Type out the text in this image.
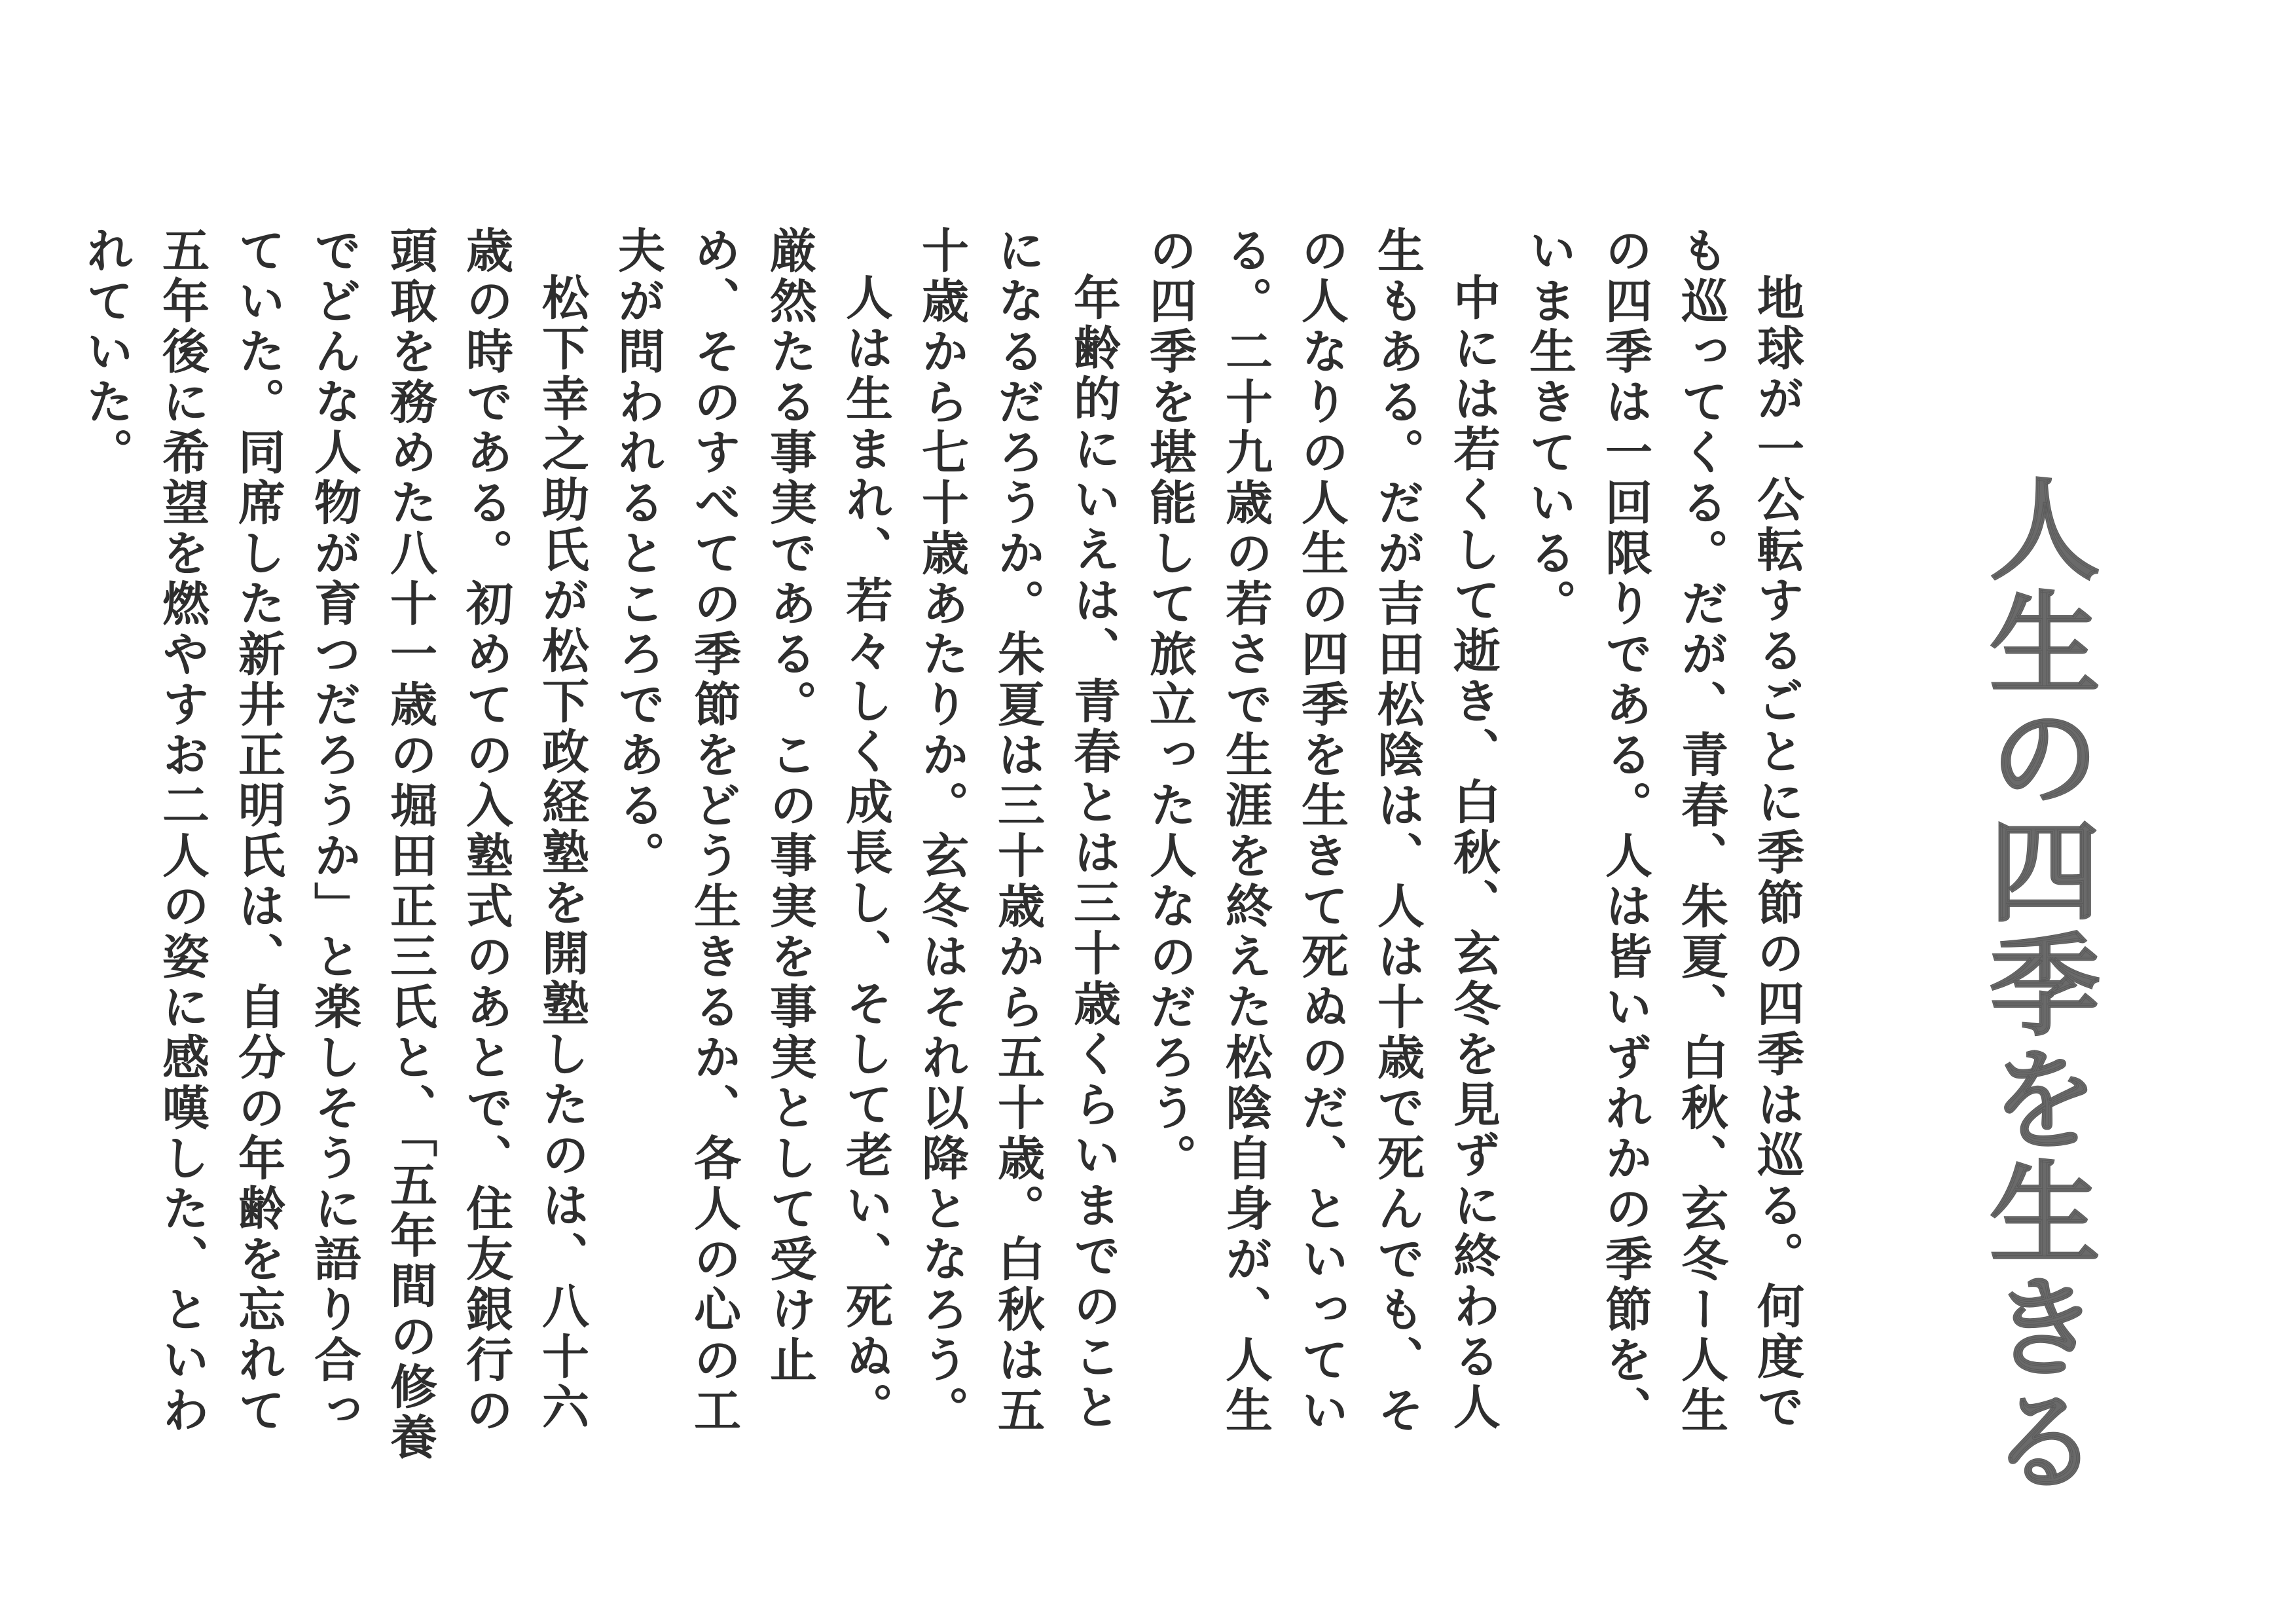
人生の四季を生きる

地球が一公転するごとに季節の四季は巡る。何度でも巡ってくる。だが、青春、朱夏、白秋、玄冬ー人生の四季は一回限りである。人は皆いずれかの季節を、いま生きている。

中には若くして逝き、白秋、玄冬を見ずに終わる人生もある。だが吉田松陰は、人は十歳で死んでも、その人なりの人生の四季を生きて死ぬのだ、といっている。二十九歳の若さで生涯を終えた松陰自身が、人生の四季を堪能して旅立った人なのだろう。

年齢的にいえは、青春とは三十歳くらいまでのことになるだろうか。朱夏は三十歳から五十歳。白秋は五十歳から七十歳あたりか。玄冬はそれ以降となろう。

人は生まれ、若々しく成長し、そして老い、死ぬ。厳然たる事実である。この事実を事実として受け止め、そのすべての季節をどう生きるか、各人の心の工夫が問われるところである。

松下幸之助氏が松下政経塾を開塾したのは、八十六歳の時である。初めての入塾式のあとで、住友銀行の頭取を務めた八十一歳の堀田正三氏と、「五年間の修養でどんな人物が育つだろうか」と楽しそうに語り合っていた。同席した新井正明氏は、自分の年齢を忘れて五年後に希望を燃やすお二人の姿に感嘆した、といわれていた。
